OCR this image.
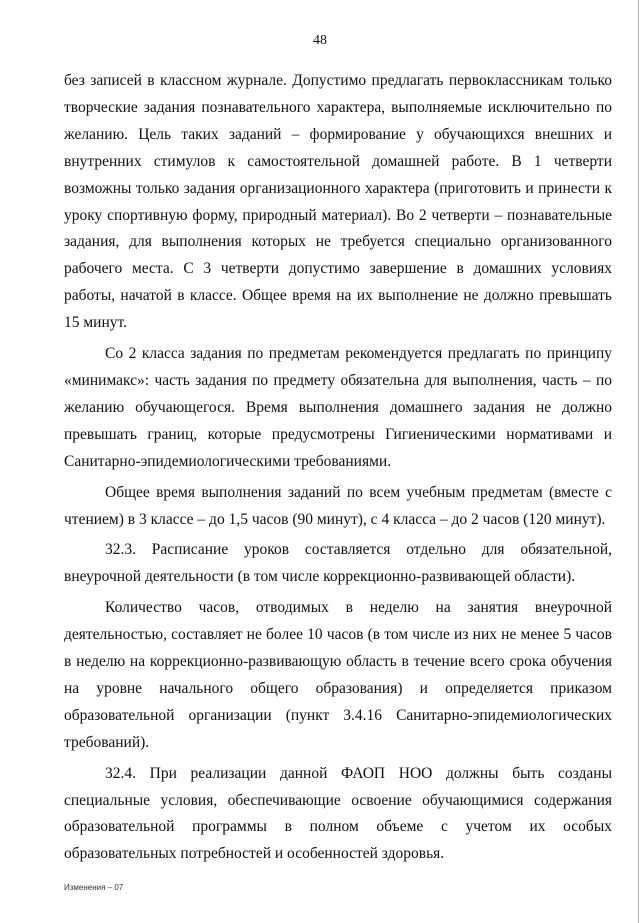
48

без записей в классном журнале. Допустимо предлагать первоклассникам только творческие задания познавательного характера, выполняемые исключительно по желанию. Цель таких заданий – формирование у обучающихся внешних и внутренних стимулов к самостоятельной домашней работе. В 1 четверти возможны только задания организационного характера (приготовить и принести к уроку спортивную форму, природный материал). Во 2 четверти – познавательные задания, для выполнения которых не требуется специально организованного рабочего места. С 3 четверти допустимо завершение в домашних условиях работы, начатой в классе. Общее время на их выполнение не должно превышать 15 минут.

Со 2 класса задания по предметам рекомендуется предлагать по принципу «минимакс»: часть задания по предмету обязательна для выполнения, часть – по желанию обучающегося. Время выполнения домашнего задания не должно превышать границ, которые предусмотрены Гигиеническими нормативами и Санитарно-эпидемиологическими требованиями.

Общее время выполнения заданий по всем учебным предметам (вместе с чтением) в 3 классе – до 1,5 часов (90 минут), с 4 класса – до 2 часов (120 минут).

32.3. Расписание уроков составляется отдельно для обязательной, внеурочной деятельности (в том числе коррекционно-развивающей области).

Количество часов, отводимых в неделю на занятия внеурочной деятельностью, составляет не более 10 часов (в том числе из них не менее 5 часов в неделю на коррекционно-развивающую область в течение всего срока обучения на уровне начального общего образования) и определяется приказом образовательной организации (пункт 3.4.16 Санитарно-эпидемиологических требований).

32.4. При реализации данной ФАОП НОО должны быть созданы специальные условия, обеспечивающие освоение обучающимися содержания образовательной программы в полном объеме с учетом их особых образовательных потребностей и особенностей здоровья.

Изменения – 07
